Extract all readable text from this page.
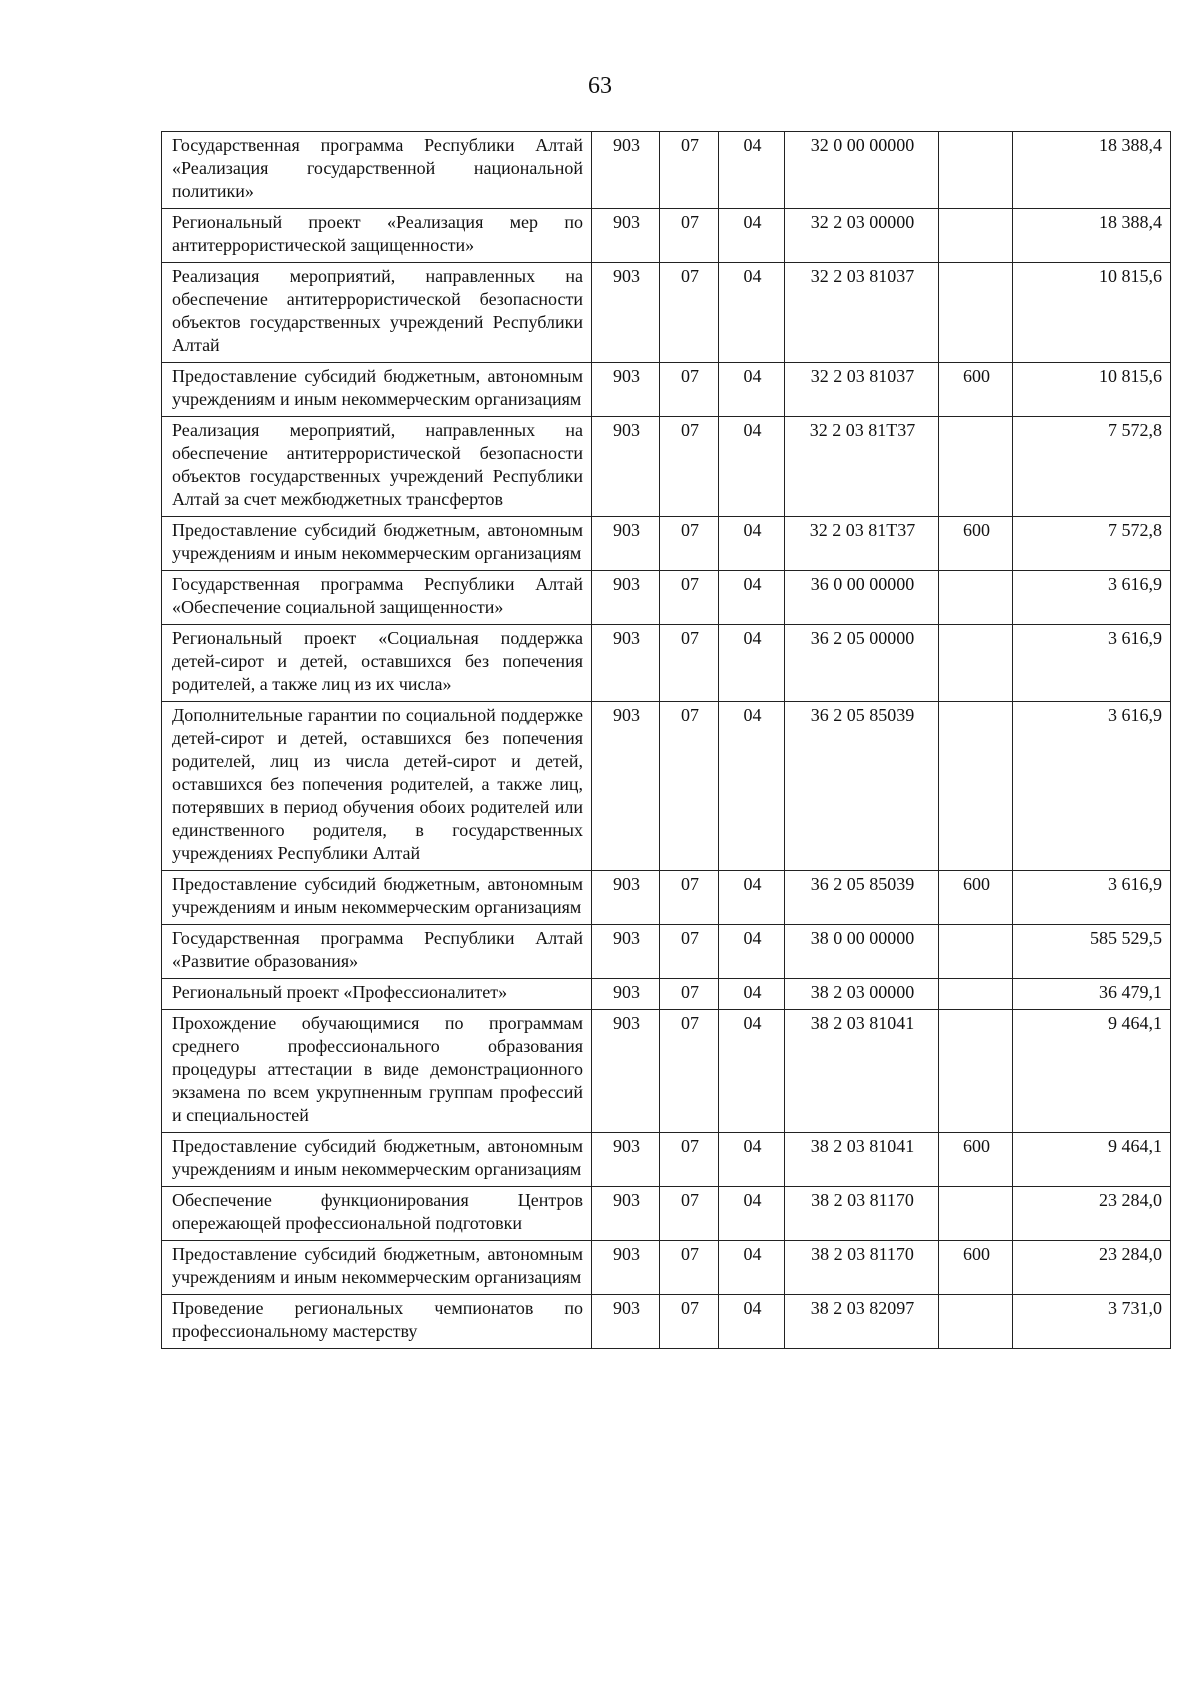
63
Государственная программа Республики Алтай «Реализация государственной национальной политики»	903	07	04	32 0 00 00000		18 388,4
Региональный проект «Реализация мер по антитеррористической защищенности»	903	07	04	32 2 03 00000		18 388,4
Реализация мероприятий, направленных на обеспечение антитеррористической безопасности объектов государственных учреждений Республики Алтай	903	07	04	32 2 03 81037		10 815,6
Предоставление субсидий бюджетным, автономным учреждениям и иным некоммерческим организациям	903	07	04	32 2 03 81037	600	10 815,6
Реализация мероприятий, направленных на обеспечение антитеррористической безопасности объектов государственных учреждений Республики Алтай за счет межбюджетных трансфертов	903	07	04	32 2 03 81Т37		7 572,8
Предоставление субсидий бюджетным, автономным учреждениям и иным некоммерческим организациям	903	07	04	32 2 03 81Т37	600	7 572,8
Государственная программа Республики Алтай «Обеспечение социальной защищенности»	903	07	04	36 0 00 00000		3 616,9
Региональный проект «Социальная поддержка детей-сирот и детей, оставшихся без попечения родителей, а также лиц из их числа»	903	07	04	36 2 05 00000		3 616,9
Дополнительные гарантии по социальной поддержке детей-сирот и детей, оставшихся без попечения родителей, лиц из числа детей-сирот и детей, оставшихся без попечения родителей, а также лиц, потерявших в период обучения обоих родителей или единственного родителя, в государственных учреждениях Республики Алтай	903	07	04	36 2 05 85039		3 616,9
Предоставление субсидий бюджетным, автономным учреждениям и иным некоммерческим организациям	903	07	04	36 2 05 85039	600	3 616,9
Государственная программа Республики Алтай «Развитие образования»	903	07	04	38 0 00 00000		585 529,5
Региональный проект «Профессионалитет»	903	07	04	38 2 03 00000		36 479,1
Прохождение обучающимися по программам среднего профессионального образования процедуры аттестации в виде демонстрационного экзамена по всем укрупненным группам профессий и специальностей	903	07	04	38 2 03 81041		9 464,1
Предоставление субсидий бюджетным, автономным учреждениям и иным некоммерческим организациям	903	07	04	38 2 03 81041	600	9 464,1
Обеспечение функционирования Центров опережающей профессиональной подготовки	903	07	04	38 2 03 81170		23 284,0
Предоставление субсидий бюджетным, автономным учреждениям и иным некоммерческим организациям	903	07	04	38 2 03 81170	600	23 284,0
Проведение региональных чемпионатов по профессиональному мастерству	903	07	04	38 2 03 82097		3 731,0
